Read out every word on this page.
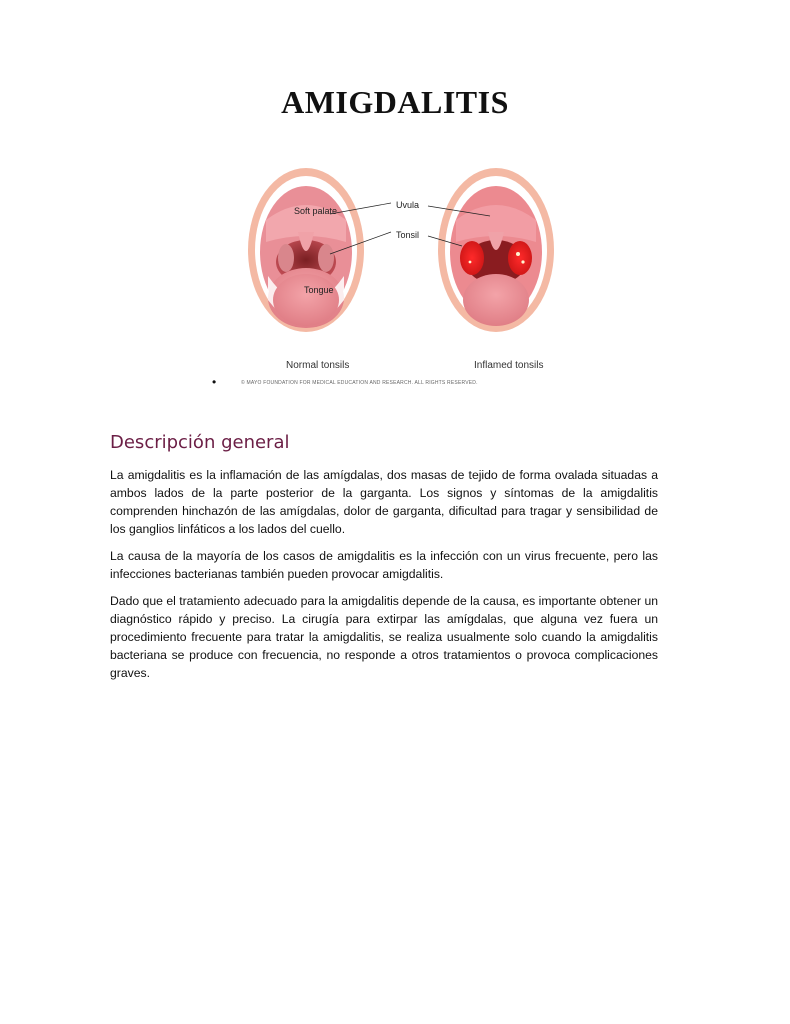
AMIGDALITIS
Soft palate
Uvula
Tonsil
Tongue
Normal tonsils	Inflamed tonsils
© MAYO FOUNDATION FOR MEDICAL EDUCATION AND RESEARCH. ALL RIGHTS RESERVED.
•
Descripción general

La amigdalitis es la inflamación de las amígdalas, dos masas de tejido de forma ovalada situadas a ambos lados de la parte posterior de la garganta. Los signos y síntomas de la amigdalitis comprenden hinchazón de las amígdalas, dolor de garganta, dificultad para tragar y sensibilidad de los ganglios linfáticos a los lados del cuello.

La causa de la mayoría de los casos de amigdalitis es la infección con un virus frecuente, pero las infecciones bacterianas también pueden provocar amigdalitis.

Dado que el tratamiento adecuado para la amigdalitis depende de la causa, es importante obtener un diagnóstico rápido y preciso. La cirugía para extirpar las amígdalas, que alguna vez fuera un procedimiento frecuente para tratar la amigdalitis, se realiza usualmente solo cuando la amigdalitis bacteriana se produce con frecuencia, no responde a otros tratamientos o provoca complicaciones graves.
